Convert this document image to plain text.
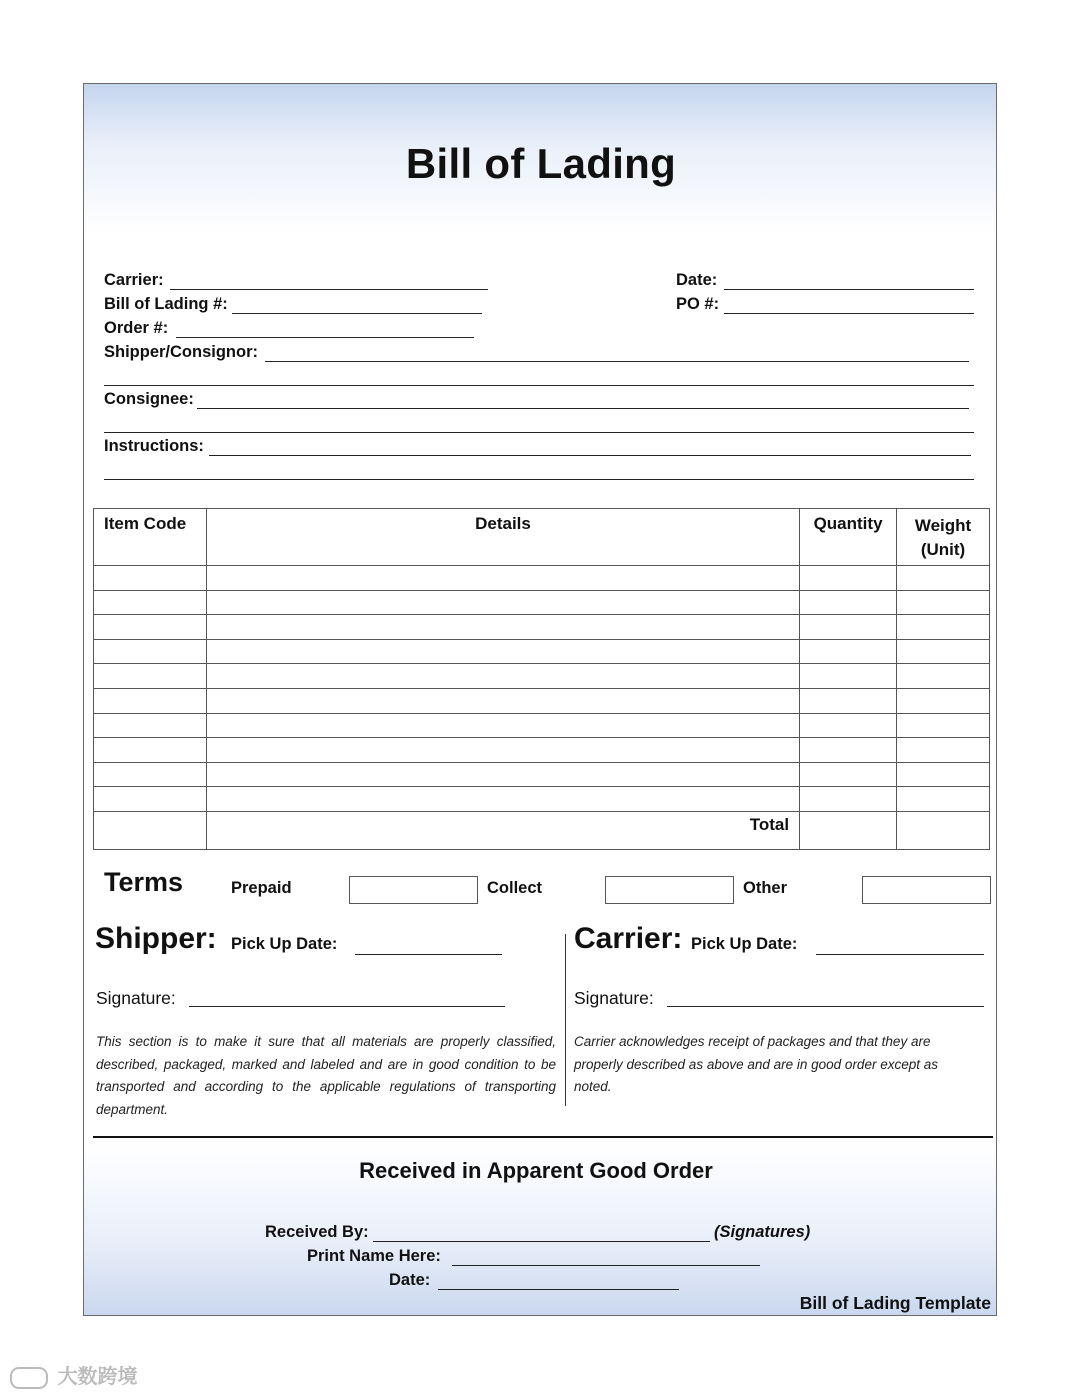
Bill of Lading
Carrier:
Bill of Lading #:
Order #:
Shipper/Consignor:
Consignee:
Instructions:
Date:
PO #:
Item Code	Details	Quantity	Weight (Unit)

	Total		
Terms	Prepaid	Collect	Other
Shipper: Pick Up Date:
Signature:
This section is to make it sure that all materials are properly classified, described, packaged, marked and labeled and are in good condition to be transported and according to the applicable regulations of transporting department.
Carrier: Pick Up Date:
Signature:
Carrier acknowledges receipt of packages and that they are properly described as above and are in good order except as noted.
Received in Apparent Good Order
Received By:	(Signatures)
Print Name Here:
Date:
Bill of Lading Template
大数跨境
